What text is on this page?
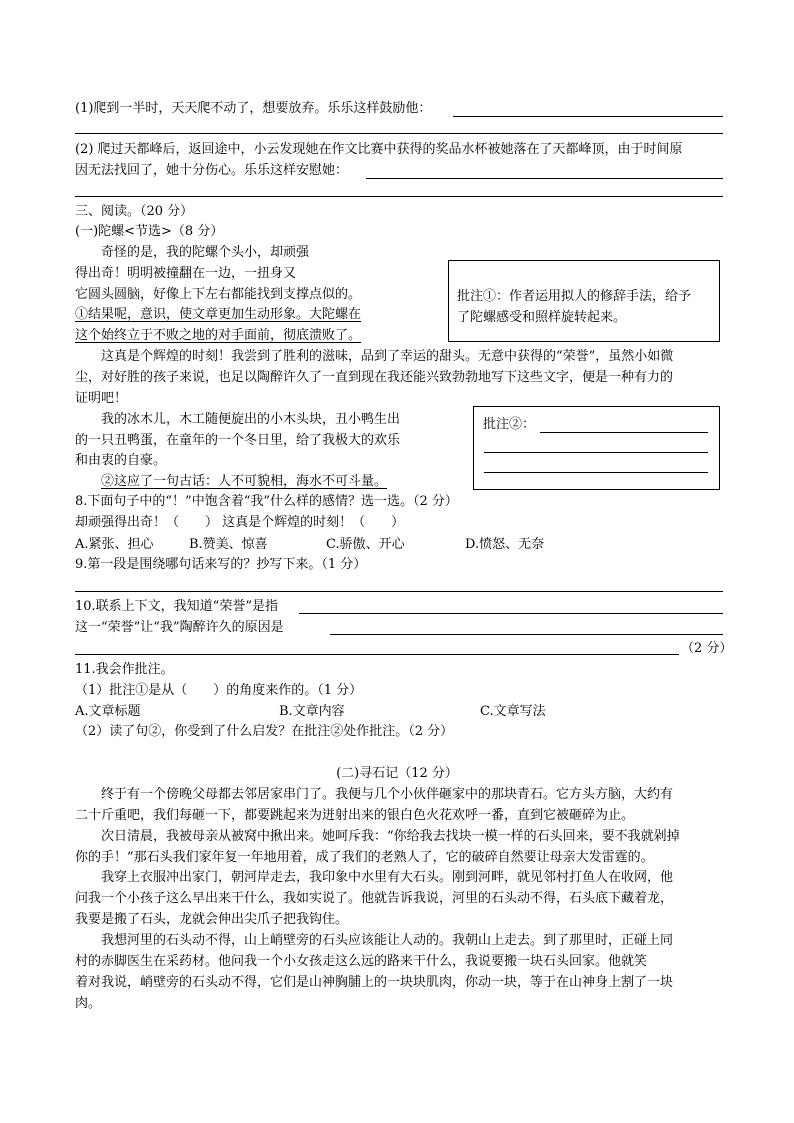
(1)爬到一半时，天天爬不动了，想要放弃。乐乐这样鼓励他：
(2) 爬过天都峰后，返回途中，小云发现她在作文比赛中获得的奖品水杯被她落在了天都峰顶，由于时间原
因无法找回了，她十分伤心。乐乐这样安慰她：
三、阅读。（20 分）
(一)陀螺<节选>（8 分）
奇怪的是，我的陀螺个头小，却顽强
得出奇！明明被撞翻在一边，一扭身又
它圆头圆脑，好像上下左右都能找到支撑点似的。
①结果呢，意识，使文章更加生动形象。大陀螺在
这个始终立于不败之地的对手面前，彻底溃败了。
批注①：作者运用拟人的修辞手法，给予
了陀螺感受和照样旋转起来。
这真是个辉煌的时刻！我尝到了胜利的滋味，品到了幸运的甜头。无意中获得的“荣誉”，虽然小如微
尘，对好胜的孩子来说，也足以陶醉许久了一直到现在我还能兴致勃勃地写下这些文字，便是一种有力的
证明吧！
我的冰木儿，木工随便旋出的小木头块，丑小鸭生出
的一只丑鸭蛋，在童年的一个冬日里，给了我极大的欢乐
和由衷的自豪。
②这应了一句古话：人不可貌相，海水不可斗量。
批注②：
8.下面句子中的“！”中饱含着“我”什么样的感情？选一选。（2 分）
却顽强得出奇！（　　） 这真是个辉煌的时刻！（　　）
A.紧张、担心	B.赞美、惊喜	C.骄傲、开心	D.愤怒、无奈
9.第一段是围绕哪句话来写的？抄写下来。（1 分）
10.联系上下文，我知道“荣誉”是指
这一“荣誉”让“我”陶醉许久的原因是
（2 分）
11.我会作批注。
（1）批注①是从（　　）的角度来作的。（1 分）
A.文章标题	B.文章内容	C.文章写法
（2）读了句②，你受到了什么启发？在批注②处作批注。（2 分）
(二)寻石记（12 分）
终于有一个傍晚父母都去邻居家串门了。我便与几个小伙伴砸家中的那块青石。它方头方脑，大约有
二十斤重吧，我们每砸一下，都要跳起来为迸射出来的银白色火花欢呼一番，直到它被砸碎为止。
次日清晨，我被母亲从被窝中揪出来。她呵斥我：“你给我去找块一模一样的石头回来，要不我就剁掉
你的手！”那石头我们家年复一年地用着，成了我们的老熟人了，它的破碎自然要让母亲大发雷霆的。
我穿上衣服冲出家门，朝河岸走去，我印象中水里有大石头。刚到河畔，就见邻村打鱼人在收网，他
问我一个小孩子这么早出来干什么，我如实说了。他就告诉我说，河里的石头动不得，石头底下藏着龙，
我要是搬了石头，龙就会伸出尖爪子把我钩住。
我想河里的石头动不得，山上峭壁旁的石头应该能让人动的。我朝山上走去。到了那里时，正碰上同
村的赤脚医生在采药材。他问我一个小女孩走这么远的路来干什么，我说要搬一块石头回家。他就笑
着对我说，峭壁旁的石头动不得，它们是山神胸脯上的一块块肌肉，你动一块，等于在山神身上割了一块
肉。
